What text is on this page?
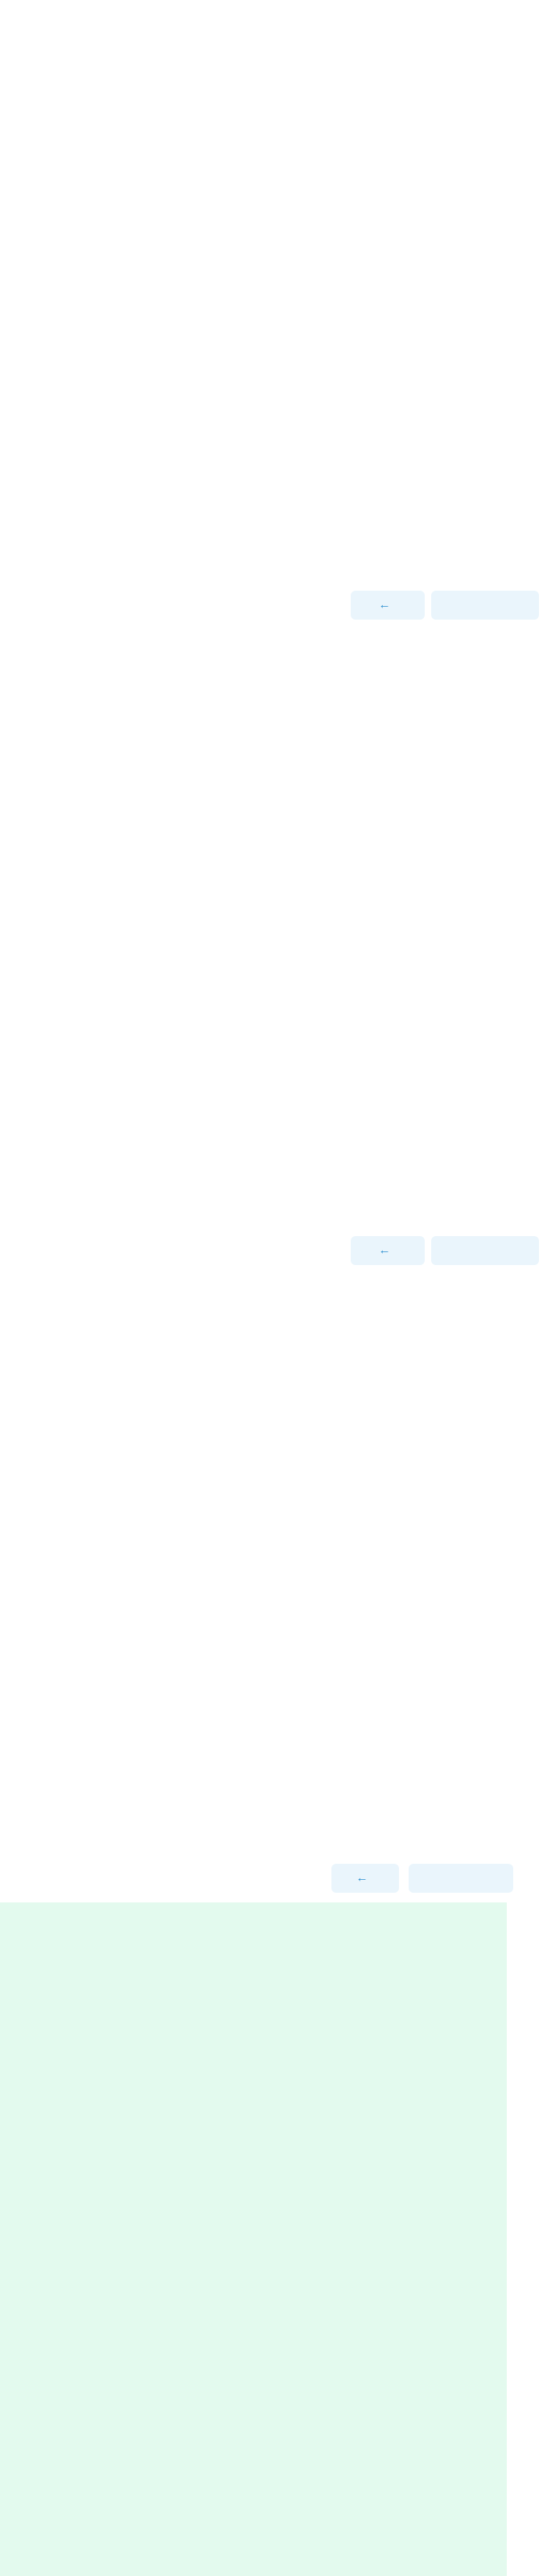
←
←
←
